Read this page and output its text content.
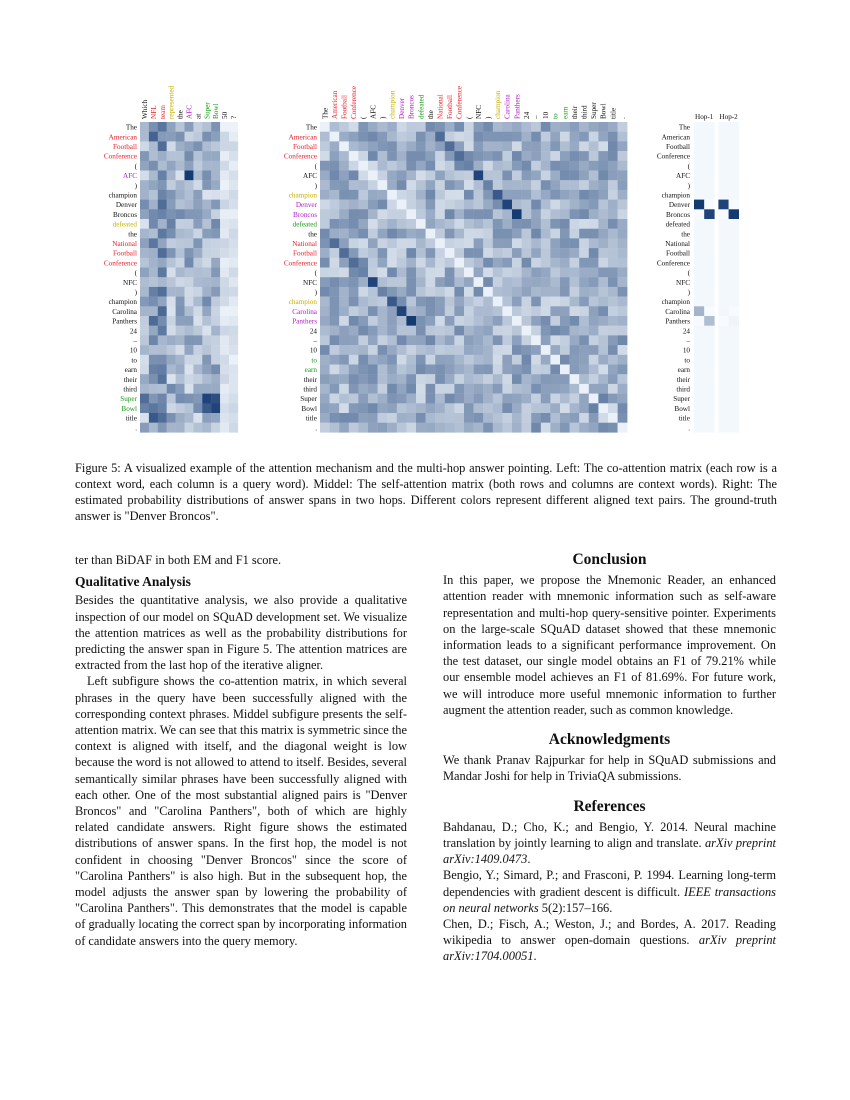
The
American
Football
Conference
(
AFC
)
champion
Denver
Broncos
defeated
the
National
Football
Conference
(
NFC
)
champion
Carolina
Panthers
24
–
10
to
earn
their
third
Super
Bowl
title
.
Which NFL team represented the AFC at Super Bowl 50 ?
The
American
Football
Conference
(
AFC
)
champion
Denver
Broncos
defeated
the
National
Football
Conference
(
NFC
)
champion
Carolina
Panthers
24
–
10
to
earn
their
third
Super
Bowl
title
.
The American Football Conference ( AFC ) champion Denver Broncos defeated the National Football Conference ( NFC ) champion Carolina Panthers 24 – 10 to earn their third Super Bowl title .
The
American
Football
Conference
(
AFC
)
champion
Denver
Broncos
defeated
the
National
Football
Conference
(
NFC
)
champion
Carolina
Panthers
24
–
10
to
earn
their
third
Super
Bowl
title
.
Hop-1 Hop-2
Figure 5: A visualized example of the attention mechanism and the multi-hop answer pointing. Left: The co-attention matrix (each row is a context word, each column is a query word). Middel: The self-attention matrix (both rows and columns are context words). Right: The estimated probability distributions of answer spans in two hops. Different colors represent different aligned text pairs. The ground-truth answer is "Denver Broncos".

ter than BiDAF in both EM and F1 score.

Qualitative Analysis

Besides the quantitative analysis, we also provide a qualitative inspection of our model on SQuAD development set. We visualize the attention matrices as well as the probability distributions for predicting the answer span in Figure 5. The attention matrices are extracted from the last hop of the iterative aligner.

Left subfigure shows the co-attention matrix, in which several phrases in the query have been successfully aligned with the corresponding context phrases. Middel subfigure presents the self-attention matrix. We can see that this matrix is symmetric since the context is aligned with itself, and the diagonal weight is low because the word is not allowed to attend to itself. Besides, several semantically similar phrases have been successfully aligned with each other. One of the most substantial aligned pairs is "Denver Broncos" and "Carolina Panthers", both of which are highly related candidate answers. Right figure shows the estimated distributions of answer spans. In the first hop, the model is not confident in choosing "Denver Broncos" since the score of "Carolina Panthers" is also high. But in the subsequent hop, the model adjusts the answer span by lowering the probability of "Carolina Panthers". This demonstrates that the model is capable of gradually locating the correct span by incorporating information of candidate answers into the query memory.

Conclusion

In this paper, we propose the Mnemonic Reader, an enhanced attention reader with mnemonic information such as self-aware representation and multi-hop query-sensitive pointer. Experiments on the large-scale SQuAD dataset showed that these mnemonic information leads to a significant performance improvement. On the test dataset, our single model obtains an F1 of 79.21% while our ensemble model achieves an F1 of 81.69%. For future work, we will introduce more useful mnemonic information to further augment the attention reader, such as common knowledge.

Acknowledgments

We thank Pranav Rajpurkar for help in SQuAD submissions and Mandar Joshi for help in TriviaQA submissions.

References

Bahdanau, D.; Cho, K.; and Bengio, Y. 2014. Neural machine translation by jointly learning to align and translate. arXiv preprint arXiv:1409.0473.

Bengio, Y.; Simard, P.; and Frasconi, P. 1994. Learning long-term dependencies with gradient descent is difficult. IEEE transactions on neural networks 5(2):157–166.

Chen, D.; Fisch, A.; Weston, J.; and Bordes, A. 2017. Reading wikipedia to answer open-domain questions. arXiv preprint arXiv:1704.00051.
